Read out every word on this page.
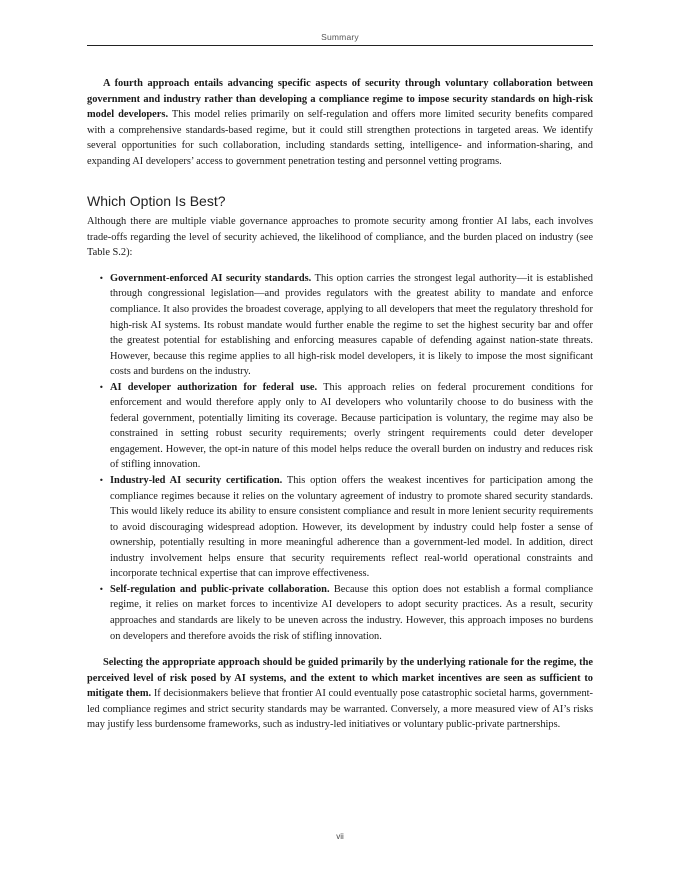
Summary

A fourth approach entails advancing specific aspects of security through voluntary collaboration between government and industry rather than developing a compliance regime to impose security standards on high-risk model developers. This model relies primarily on self-regulation and offers more limited security benefits compared with a comprehensive standards-based regime, but it could still strengthen protections in targeted areas. We identify several opportunities for such collaboration, including standards setting, intelligence- and information-sharing, and expanding AI developers’ access to government penetration testing and personnel vetting programs.

Which Option Is Best?

Although there are multiple viable governance approaches to promote security among frontier AI labs, each involves trade-offs regarding the level of security achieved, the likelihood of compliance, and the burden placed on industry (see Table S.2):

• Government-enforced AI security standards. This option carries the strongest legal authority—it is established through congressional legislation—and provides regulators with the greatest ability to mandate and enforce compliance. It also provides the broadest coverage, applying to all developers that meet the regulatory threshold for high-risk AI systems. Its robust mandate would further enable the regime to set the highest security bar and offer the greatest potential for establishing and enforcing measures capable of defending against nation-state threats. However, because this regime applies to all high-risk model developers, it is likely to impose the most significant costs and burdens on the industry.
• AI developer authorization for federal use. This approach relies on federal procurement conditions for enforcement and would therefore apply only to AI developers who voluntarily choose to do business with the federal government, potentially limiting its coverage. Because participation is voluntary, the regime may also be constrained in setting robust security requirements; overly stringent requirements could deter developer engagement. However, the opt-in nature of this model helps reduce the overall burden on industry and reduces risk of stifling innovation.
• Industry-led AI security certification. This option offers the weakest incentives for participation among the compliance regimes because it relies on the voluntary agreement of industry to promote shared security standards. This would likely reduce its ability to ensure consistent compliance and result in more lenient security requirements to avoid discouraging widespread adoption. However, its development by industry could help foster a sense of ownership, potentially resulting in more meaningful adherence than a government-led model. In addition, direct industry involvement helps ensure that security requirements reflect real-world operational constraints and incorporate technical expertise that can improve effectiveness.
• Self-regulation and public-private collaboration. Because this option does not establish a formal compliance regime, it relies on market forces to incentivize AI developers to adopt security practices. As a result, security approaches and standards are likely to be uneven across the industry. However, this approach imposes no burdens on developers and therefore avoids the risk of stifling innovation.

Selecting the appropriate approach should be guided primarily by the underlying rationale for the regime, the perceived level of risk posed by AI systems, and the extent to which market incentives are seen as sufficient to mitigate them. If decisionmakers believe that frontier AI could eventually pose catastrophic societal harms, government-led compliance regimes and strict security standards may be warranted. Conversely, a more measured view of AI’s risks may justify less burdensome frameworks, such as industry-led initiatives or voluntary public-private partnerships.

vii
